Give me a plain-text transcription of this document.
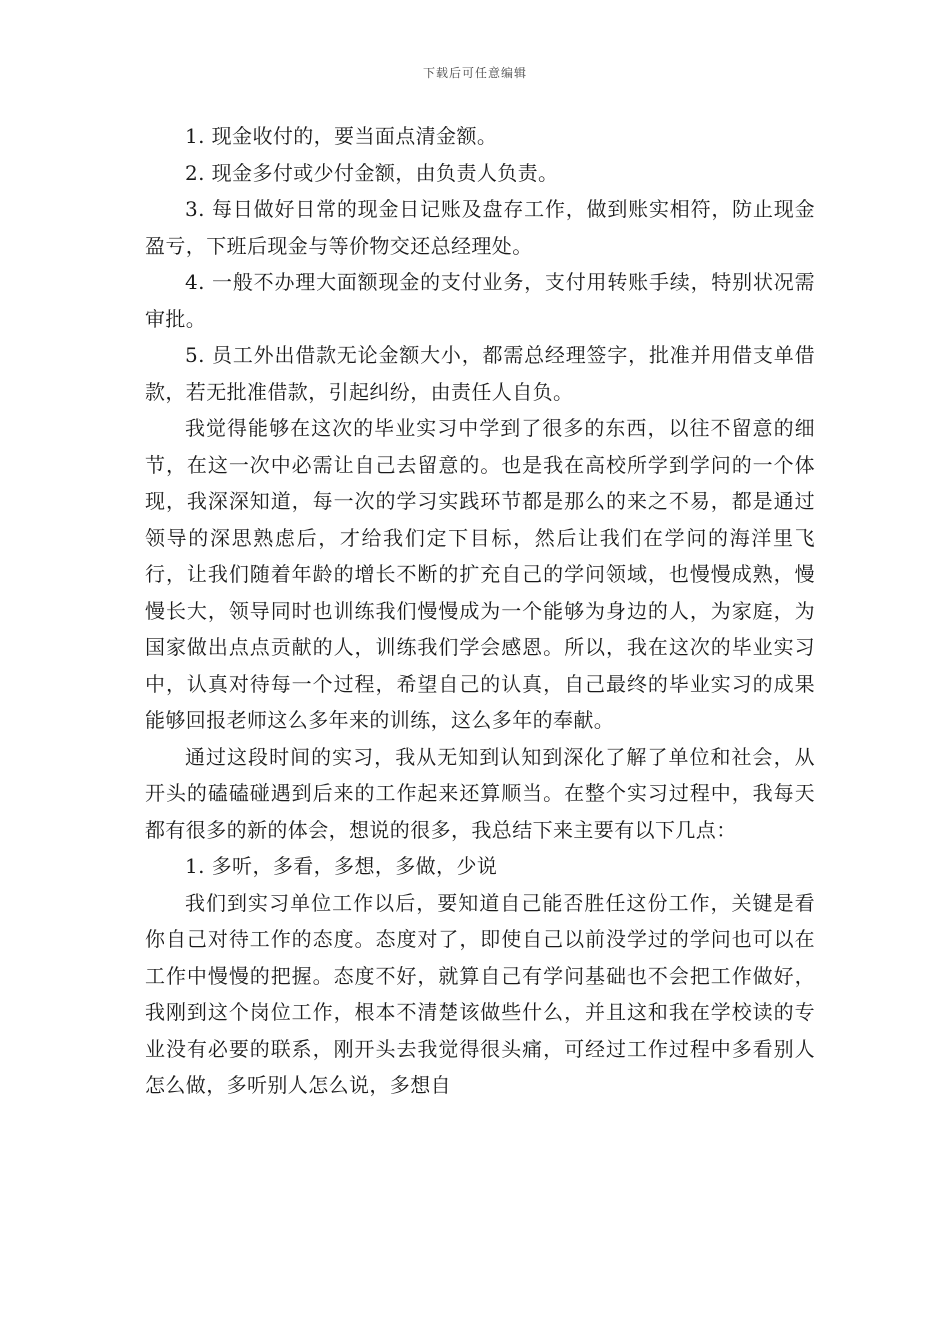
下载后可任意编辑

1. 现金收付的，要当面点清金额。

2. 现金多付或少付金额，由负责人负责。

3. 每日做好日常的现金日记账及盘存工作，做到账实相符，防止现金盈亏，下班后现金与等价物交还总经理处。

4. 一般不办理大面额现金的支付业务，支付用转账手续，特别状况需审批。

5. 员工外出借款无论金额大小，都需总经理签字，批准并用借支单借款，若无批准借款，引起纠纷，由责任人自负。

我觉得能够在这次的毕业实习中学到了很多的东西，以往不留意的细节，在这一次中必需让自己去留意的。也是我在高校所学到学问的一个体现，我深深知道，每一次的学习实践环节都是那么的来之不易，都是通过领导的深思熟虑后，才给我们定下目标，然后让我们在学问的海洋里飞行，让我们随着年龄的增长不断的扩充自己的学问领域，也慢慢成熟，慢慢长大，领导同时也训练我们慢慢成为一个能够为身边的人，为家庭，为国家做出点点贡献的人，训练我们学会感恩。所以，我在这次的毕业实习中，认真对待每一个过程，希望自己的认真，自己最终的毕业实习的成果能够回报老师这么多年来的训练，这么多年的奉献。

通过这段时间的实习，我从无知到认知到深化了解了单位和社会，从开头的磕磕碰遇到后来的工作起来还算顺当。在整个实习过程中，我每天都有很多的新的体会，想说的很多，我总结下来主要有以下几点：

1. 多听，多看，多想，多做，少说

我们到实习单位工作以后，要知道自己能否胜任这份工作，关键是看你自己对待工作的态度。态度对了，即使自己以前没学过的学问也可以在工作中慢慢的把握。态度不好，就算自己有学问基础也不会把工作做好，我刚到这个岗位工作，根本不清楚该做些什么，并且这和我在学校读的专业没有必要的联系，刚开头去我觉得很头痛，可经过工作过程中多看别人怎么做，多听别人怎么说，多想自
